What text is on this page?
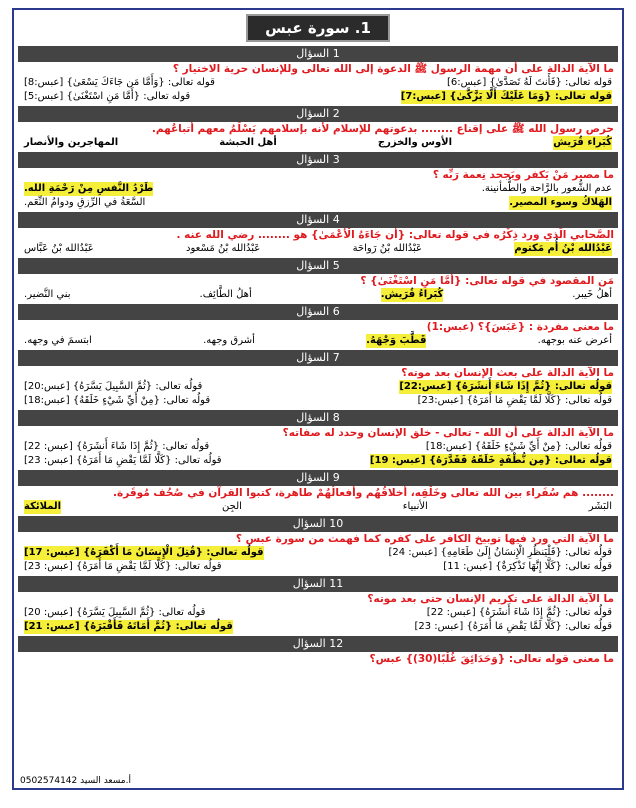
1. سورة عبس
1 السؤال
ما الآية الدالة على أن مهمة الرسول ﷺ الدعوة إلى الله تعالى وللإنسان حرية الاختيار ؟
قوله تعالى: {فَأَنتَ لَهُ تَصَدَّىٰ} [عبس:6]
قوله تعالى: {وَأَمَّا مَن جَاءَكَ يَسْعَىٰ} [عبس:8]
قوله تعالى: {وَمَا عَلَيْكَ أَلَّا يَزَّكَّىٰ} [عبس:7]
قوله تعالى: {أَمَّا مَنِ اسْتَغْنَىٰ} [عبس:5]
2 السؤال
حرص رسول الله ﷺ على إقناع ........ بدعوتهم للإسلام لأنه بإسلامهم يَسْلَمُ معهم أتباعُهم.
كُبَراء قُرَيش
الأوس والخزرج
أهل الحبشة
المهاجرين والأنصار
3 السؤال
ما مصير مَنْ يَكفر ويَجحد نِعمة رَبِّه ؟
عدم الشُّعور بالرَّاحة والطُّمأنينة.
طَرْدُ النَّفسِ مِنْ رَحْمَةِ الله.
الهَلاكُ وسوء المصير.
السَّعَةُ في الرِّزقِ ودوامُ النِّعَم.
4 السؤال
الصَّحابي الَّذي ورد ذِكْرُه في قوله تعالى: {أَن جَاءَهُ الْأَعْمَىٰ} هو ........ رضي الله عنه .
عَبْدُالله بْنُ أُم مَكتوم
عَبْدُالله بْنُ رَواحَة
عَبْدُالله بْنُ مَسْعود
عَبْدُالله بْنُ عَبَّاس
5 السؤال
مَن المقصود في قوله تعالى: {أَمَّا مَنِ اسْتَغْنَىٰ} ؟
أهلُ خَيبر.
كُبَراءُ قُرَيش.
أهلُ الطَّائِف.
بني النَّضير.
6 السؤال
ما معنى مفردة : {عَبَسَ}؟ (عبس:1)
أعرض عنه بوجهه.
قَطَّبَ وَجْهَهُ.
أشرق وجهه.
ابتسمَ في وجهه.
7 السؤال
ما الآية الدالة على بعث الإنسان بعد موته؟
قولُه تعالى: {ثُمَّ إِذَا شَاءَ أَنشَرَهُ} [عبس:22]
قولُه تعالى: {ثُمَّ السَّبِيلَ يَسَّرَهُ} [عبس:20]
قولُه تعالى: {كَلَّا لَمَّا يَقْضِ مَا أَمَرَهُ} [عبس:23]
قولُه تعالى: {مِنْ أَيِّ شَيْءٍ خَلَقَهُ} [عبس:18]
8 السؤال
ما الآية الدالة على أن الله - تعالى - خلق الإنسان وحدد له صفاته؟
قولُه تعالى: {مِنْ أَيِّ شَيْءٍ خَلَقَهُ} [عبس:18]
قولُه تعالى: {ثُمَّ إِذَا شَاءَ أَنشَرَهُ} [عبس: 22]
قولُه تعالى: {مِن نُّطْفَةٍ خَلَقَهُ فَقَدَّرَهُ} [عبس: 19]
قولُه تعالى: {كَلَّا لَمَّا يَقْضِ مَا أَمَرَهُ} [عبس: 23]
9 السؤال
........ هم سُفَراء بين الله تعالى وخَلْقِه، أخلاقُهُم وأفعالُهُمْ طاهرة، كتبوا القرآن في صُحُف مُوقَرة.
البَشَر
الأنبياء
الجِن
الملائكة
10 السؤال
ما الآية التي ورد فيها توبيخ الكافر على كفره كما فهمت من سورة عبس ؟
قولُه تعالى: {فَلْيَنظُرِ الْإِنسَانُ إِلَىٰ طَعَامِهِ} [عبس: 24]
قولُه تعالى: {قُتِلَ الْإِنسَانُ مَا أَكْفَرَهُ} [عبس: 17]
قولُه تعالى: {كَلَّا إِنَّهَا تَذْكِرَةٌ} [عبس: 11]
قولُه تعالى: {كَلَّا لَمَّا يَقْضِ مَا أَمَرَهُ} [عبس: 23]
11 السؤال
ما الآية الدالة على تكريم الإنسان حتى بعد موته؟
قولُه تعالى: {ثُمَّ إِذَا شَاءَ أَنشَرَهُ} [عبس: 22]
قولُه تعالى: {ثُمَّ السَّبِيلَ يَسَّرَهُ} [عبس: 20]
قولُه تعالى: {كَلَّا لَمَّا يَقْضِ مَا أَمَرَهُ} [عبس: 23]
قولُه تعالى: {ثُمَّ أَمَاتَهُ فَأَقْبَرَهُ} [عبس: 21]
12 السؤال
ما معنى قوله تعالى: {وَحَدَائِقَ غُلْبًا(30)} عبس؟
أ.مسعد السيد 0502574142
